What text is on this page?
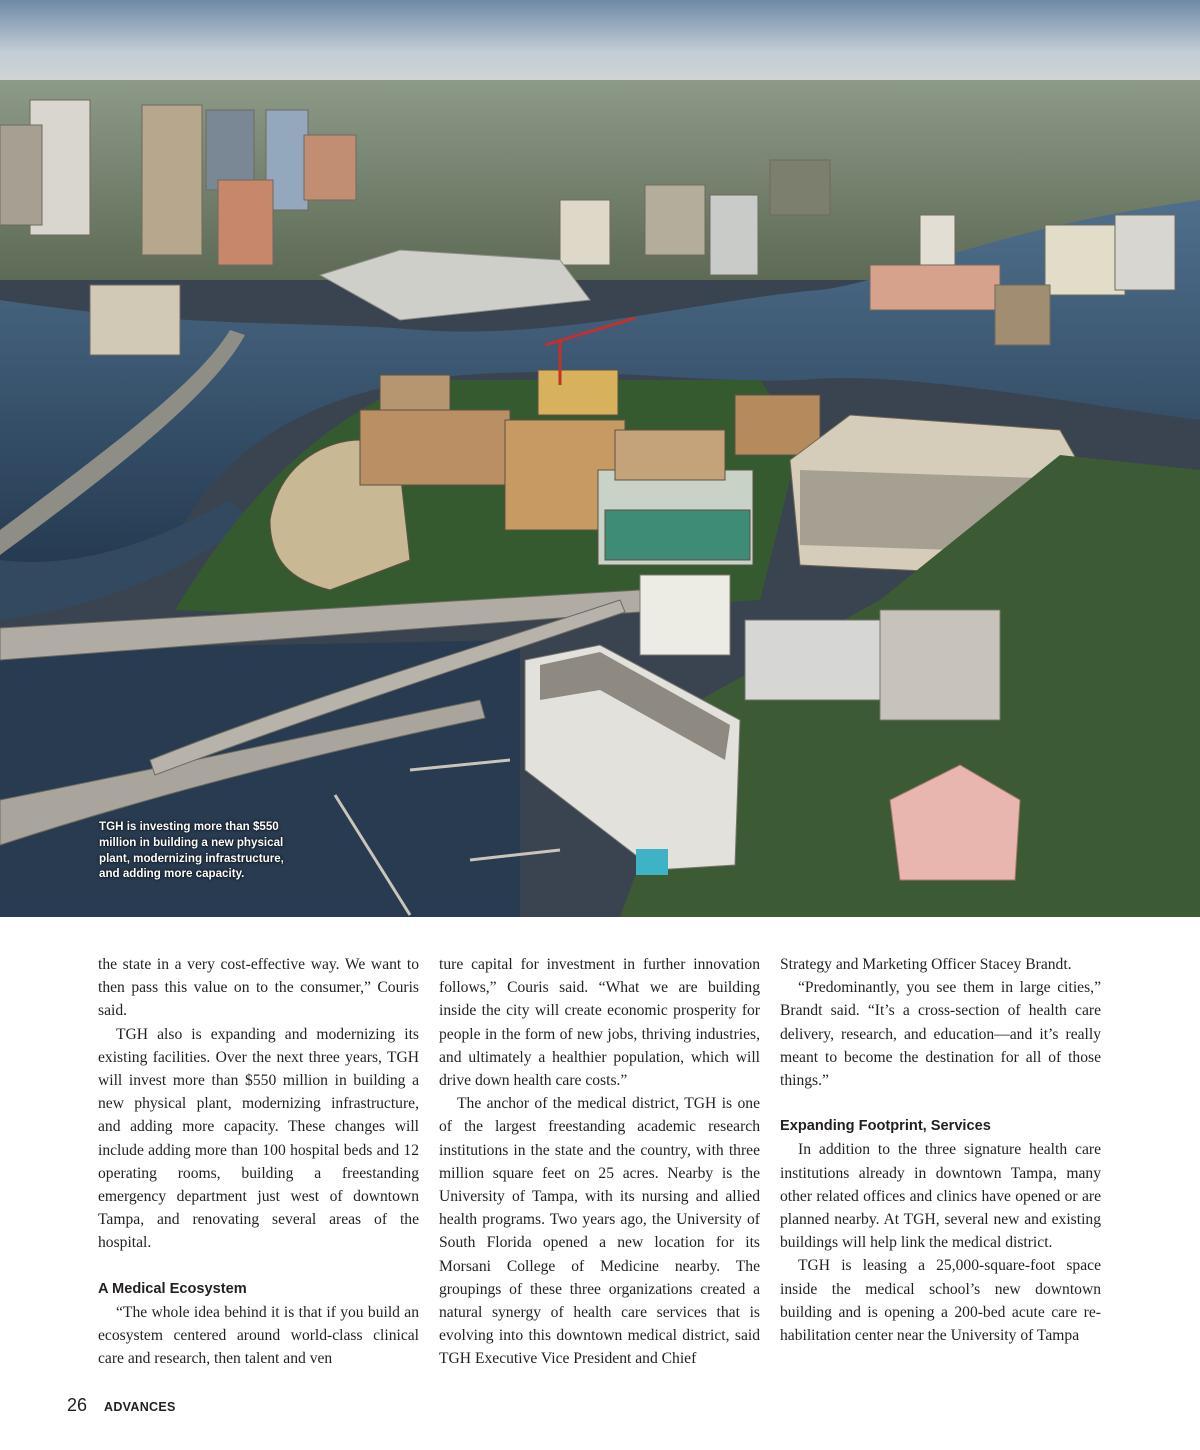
TGH is investing more than $550 million in building a new physical plant, modernizing infrastructure, and adding more capacity.

the state in a very cost-effective way. We want to then pass this value on to the consumer,” Couris said.

TGH also is expanding and modernizing its existing facilities. Over the next three years, TGH will invest more than $550 million in building a new physical plant, modernizing infrastructure, and adding more capacity. These changes will include adding more than 100 hospital beds and 12 operating rooms, building a freestanding emergency department just west of downtown Tampa, and renovating several areas of the hospital.

A Medical Ecosystem

“The whole idea behind it is that if you build an ecosystem centered around world-class clinical care and research, then talent and ven

ture capital for investment in further innovation follows,” Couris said. “What we are building inside the city will create economic prosperity for people in the form of new jobs, thriving industries, and ultimately a healthier population, which will drive down health care costs.”

The anchor of the medical district, TGH is one of the largest freestanding academic research institutions in the state and the country, with three million square feet on 25 acres. Nearby is the University of Tampa, with its nursing and allied health programs. Two years ago, the University of South Florida opened a new location for its Morsani College of Medicine nearby. The groupings of these three organizations created a natural synergy of health care services that is evolving into this downtown medical district, said TGH Executive Vice President and Chief

Strategy and Marketing Officer Stacey Brandt.

“Predominantly, you see them in large cities,” Brandt said. “It’s a cross-section of health care delivery, research, and education—and it’s really meant to become the destination for all of those things.”

Expanding Footprint, Services

In addition to the three signature health care institutions already in downtown Tampa, many other related offices and clinics have opened or are planned nearby. At TGH, several new and existing buildings will help link the medical district.

TGH is leasing a 25,000-square-foot space inside the medical school’s new downtown building and is opening a 200-bed acute care rehabilitation center near the University of Tampa

26 ADVANCES
